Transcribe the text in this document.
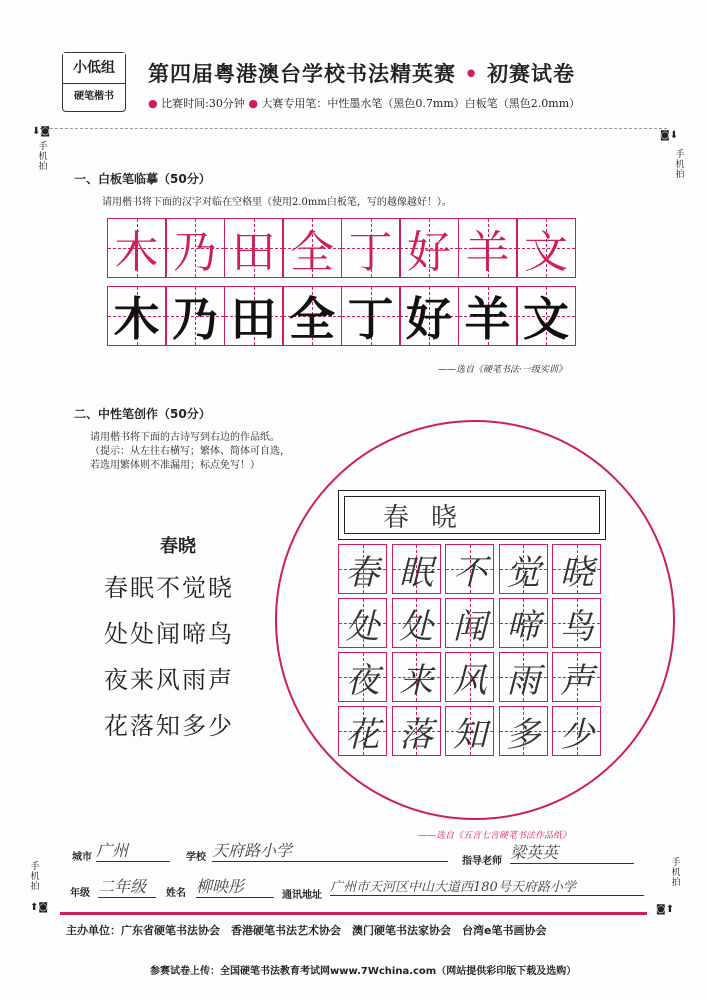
小低组
硬笔楷书
第四届粤港澳台学校书法精英赛 • 初赛试卷
● 比赛时间:30分钟 ● 大赛专用笔：中性墨水笔（黑色0.7mm）白板笔（黑色2.0mm）
⬇◙
手机拍
◙⬇
手机拍
手机拍
⬆◙
手机拍
◙⬆
一、白板笔临摹（50分）
请用楷书将下面的汉字对临在空格里（使用2.0mm白板笔，写的越像越好！）。
木 乃 田 全 丁 好 羊 文
木 乃 田 全 丁 好 羊 文
——选自《硬笔书法·一级实训》
二、中性笔创作（50分）
请用楷书将下面的古诗写到右边的作品纸。
（提示：从左往右横写；繁体、简体可自选，
若选用繁体则不准漏用；标点免写！）
春晓
春眠不觉晓
处处闻啼鸟
夜来风雨声
花落知多少
春晓
春 眠 不 觉 晓
处 处 闻 啼 鸟
夜 来 风 雨 声
花 落 知 多 少
——选自《五言七言硬笔书法作品纸》
城市 广州	学校 天府路小学
指导老师 梁英英
年级 二年级	姓名 柳映彤	通讯地址
广州市天河区中山大道西180号天府路小学
主办单位：广东省硬笔书法协会　香港硬笔书法艺术协会　澳门硬笔书法家协会　台湾e笔书画协会
参赛试卷上传：全国硬笔书法教育考试网www.7Wchina.com（网站提供彩印版下载及选购）
